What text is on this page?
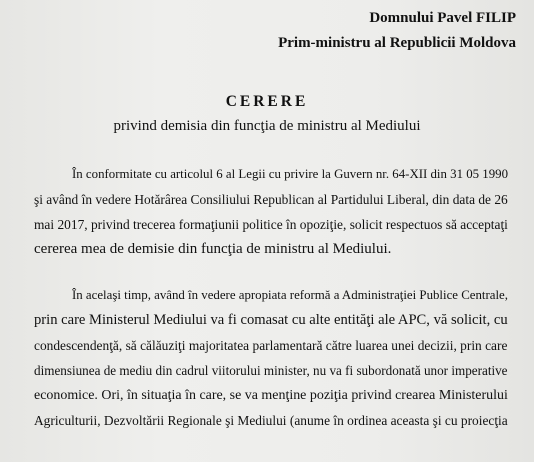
Domnului Pavel FILIP
Prim-ministru al Republicii Moldova
CERERE
privind demisia din funcţia de ministru al Mediului
În conformitate cu articolul 6 al Legii cu privire la Guvern nr. 64-XII din 31 05 1990
şi având în vedere Hotărârea Consiliului Republican al Partidului Liberal, din data de 26
mai 2017, privind trecerea formaţiunii politice în opoziţie, solicit respectuos să acceptaţi
cererea mea de demisie din funcţia de ministru al Mediului.
În acelaşi timp, având în vedere apropiata reformă a Administraţiei Publice Centrale,
prin care Ministerul Mediului va fi comasat cu alte entităţi ale APC, vă solicit, cu
condescendenţă, să călăuziţi majoritatea parlamentară către luarea unei decizii, prin care
dimensiunea de mediu din cadrul viitorului minister, nu va fi subordonată unor imperative
economice. Ori, în situaţia în care, se va menţine poziţia privind crearea Ministerului
Agriculturii, Dezvoltării Regionale şi Mediului (anume în ordinea aceasta şi cu proiecţia
